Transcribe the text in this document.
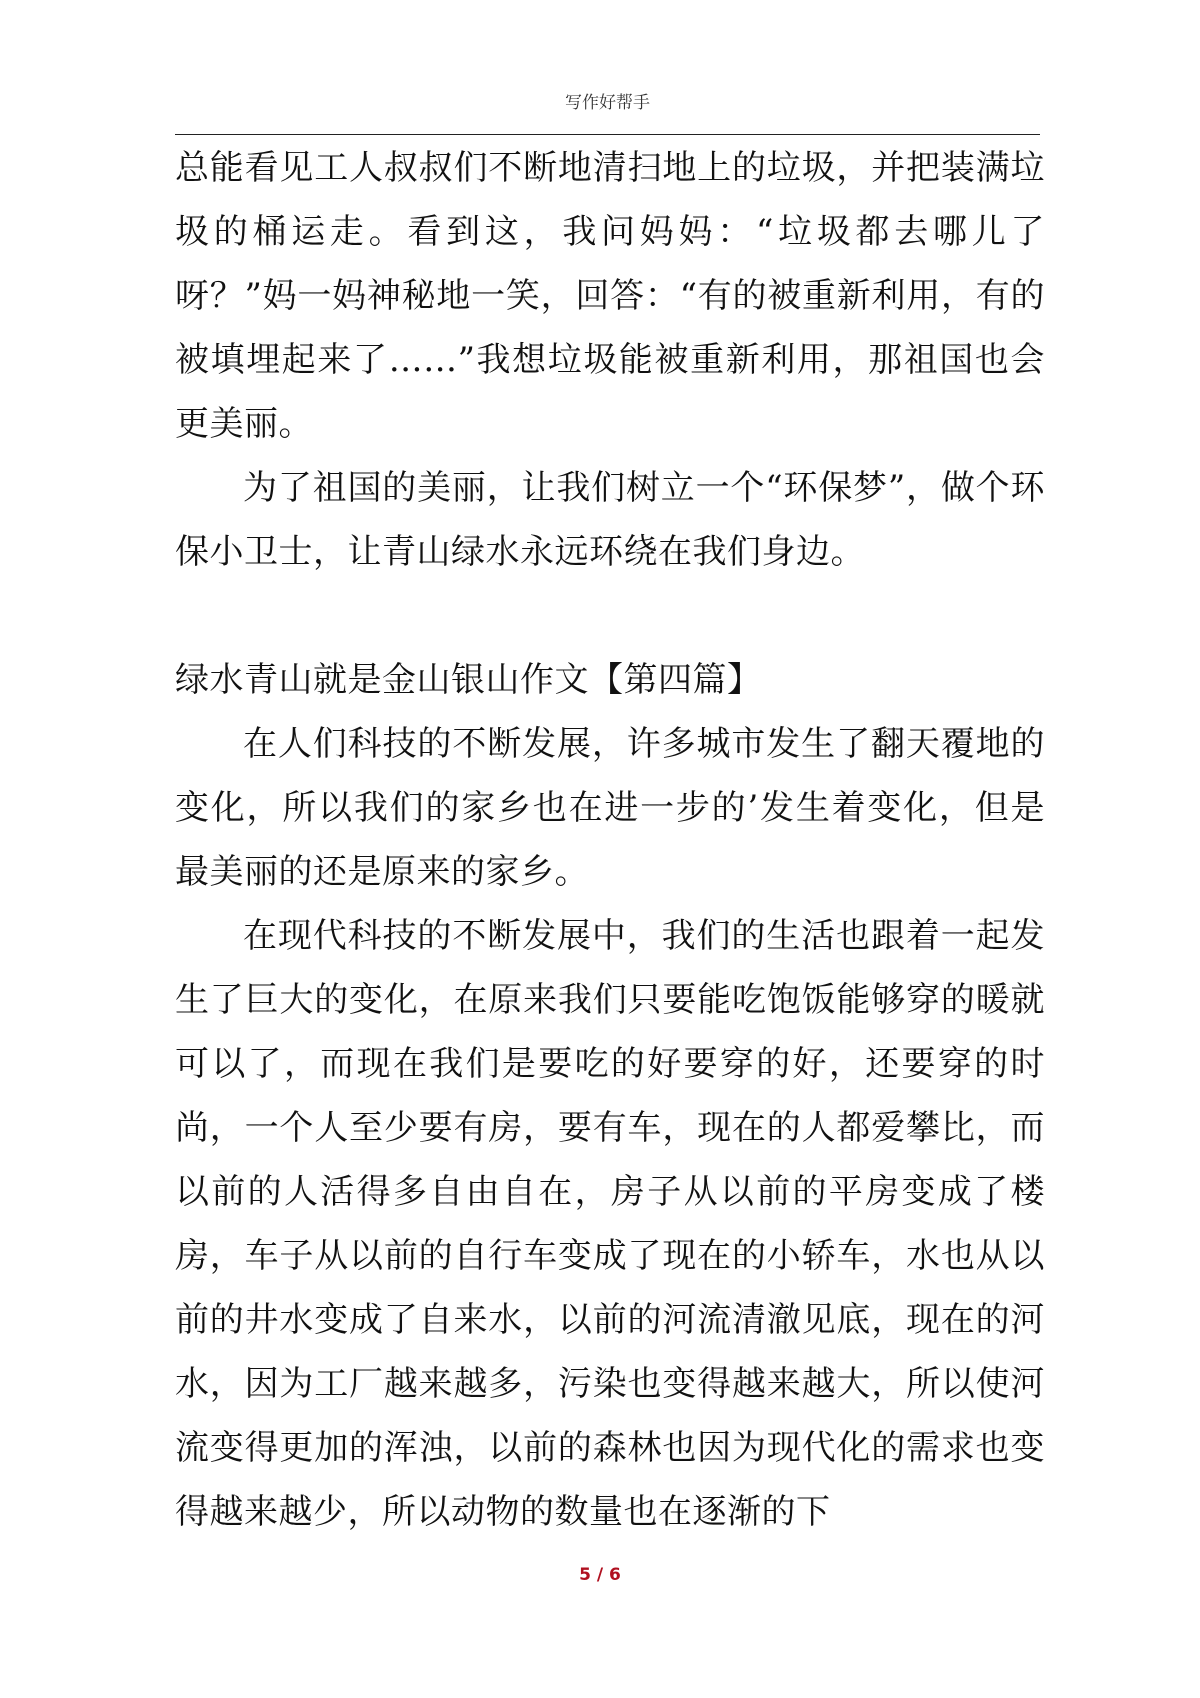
写作好帮手

总能看见工人叔叔们不断地清扫地上的垃圾，并把装满垃圾的桶运走。看到这，我问妈妈：“垃圾都去哪儿了呀？”妈一妈神秘地一笑，回答：“有的被重新利用，有的被填埋起来了……”我想垃圾能被重新利用，那祖国也会更美丽。

为了祖国的美丽，让我们树立一个“环保梦”，做个环保小卫士，让青山绿水永远环绕在我们身边。

绿水青山就是金山银山作文【第四篇】

在人们科技的不断发展，许多城市发生了翻天覆地的变化，所以我们的家乡也在进一步的’发生着变化，但是最美丽的还是原来的家乡。

在现代科技的不断发展中，我们的生活也跟着一起发生了巨大的变化，在原来我们只要能吃饱饭能够穿的暖就可以了，而现在我们是要吃的好要穿的好，还要穿的时尚，一个人至少要有房，要有车，现在的人都爱攀比，而以前的人活得多自由自在，房子从以前的平房变成了楼房，车子从以前的自行车变成了现在的小轿车，水也从以前的井水变成了自来水，以前的河流清澈见底，现在的河水，因为工厂越来越多，污染也变得越来越大，所以使河流变得更加的浑浊，以前的森林也因为现代化的需求也变得越来越少，所以动物的数量也在逐渐的下

5 / 6
